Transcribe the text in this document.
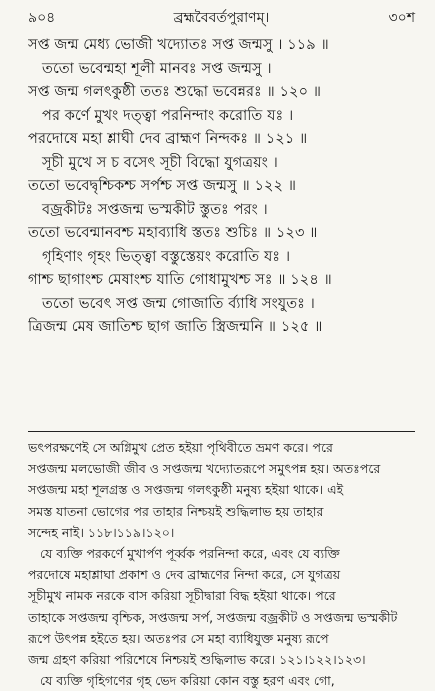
৯০৪	ব্রহ্মবৈবর্তপুরাণম্।	৩০শ
সপ্ত জন্ম মেধ্য ভোজী খদ্যোতঃ সপ্ত জন্মসু । ১১৯ ॥
ততো ভবেন্মহা শূলী মানবঃ সপ্ত জন্মসু ।
সপ্ত জন্ম গলৎকুষ্ঠী ততঃ শুদ্ধো ভবেন্নরঃ ॥ ১২০ ॥
পর কর্ণে মুখং দত্ত্বা পরনিন্দাং করোতি যঃ ।
পরদোষে মহা শ্লাঘী দেব ব্রাহ্মণ নিন্দকঃ ॥ ১২১ ॥
সূচী মুখে স চ বসেৎ সূচী বিদ্ধো যুগত্রয়ং ।
ততো ভবেদ্বৃশ্চিকশ্চ সর্পশ্চ সপ্ত জন্মসু ॥ ১২২ ॥
বজ্রকীটঃ সপ্তজন্ম ভস্মকীট স্তুতঃ পরং ।
ততো ভবেন্মানবশ্চ মহাব্যাধি স্ততঃ শুচিঃ ॥ ১২৩ ॥
গৃহিণাং গৃহং ভিত্ত্বা বস্তুস্তেয়ং করোতি যঃ ।
গাশ্চ ছাগাংশ্চ মেষাংশ্চ যাতি গোধামুখশ্চ সঃ ॥ ১২৪ ॥
ততো ভবেৎ সপ্ত জন্ম গোজাতি র্ব্যাধি সংযুতঃ ।
ত্রিজন্ম মেষ জাতিশ্চ ছাগ জাতি স্ত্রিজন্মনি ॥ ১২৫ ॥
ভৎপরক্ষণেই সে অগ্নিমুখ প্রেত হইয়া পৃথিবীতে ভ্রমণ করে। পরে
সপ্তজন্ম মলভোজী জীব ও সপ্তজন্ম খদ্যোতরূপে সমুৎপন্ন হয়। অতঃপরে
সপ্তজন্ম মহা শূলগ্রস্ত ও সপ্তজন্ম গলৎকুষ্ঠী মনুষ্য হইয়া থাকে। এই
সমস্ত যাতনা ভোগের পর তাহার নিশ্চয়ই শুদ্ধিলাভ হয় তাহার
সন্দেহ নাই। ১১৮।১১৯।১২০।
যে ব্যক্তি পরকর্ণে মুখার্পণ পূর্ব্বক পরনিন্দা করে, এবং যে ব্যক্তি
পরদোষে মহাশ্লাঘা প্রকাশ ও দেব ব্রাহ্মণের নিন্দা করে, সে যুগত্রয়
সূচীমুখ নামক নরকে বাস করিয়া সূচীদ্বারা বিদ্ধ হইয়া থাকে। পরে
তাহাকে সপ্তজন্ম বৃশ্চিক, সপ্তজন্ম সর্প, সপ্তজন্ম বজ্রকীট ও সপ্তজন্ম ভস্মকীট
রূপে উৎপন্ন হইতে হয়। অতঃপর সে মহা ব্যাধিযুক্ত মনুষ্য রূপে
জন্ম গ্রহণ করিয়া পরিশেষে নিশ্চয়ই শুদ্ধিলাভ করে। ১২১।১২২।১২৩।
যে ব্যক্তি গৃহিগণের গৃহ ভেদ করিয়া কোন বস্তু হরণ এবং গো,
